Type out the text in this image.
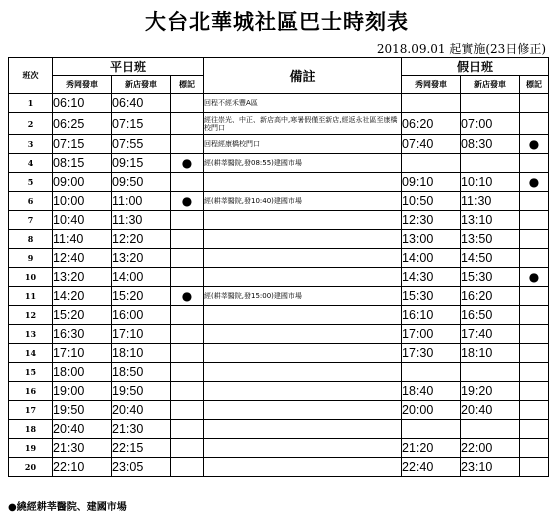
大台北華城社區巴士時刻表
2018.09.01 起實施(23日修正)
班次	平日班			備註	假日班		
	秀岡發車	新店發車	標記		秀岡發車	新店發車	標記
1	06:10	06:40		回程不經禾豐A區			

2	06:25	07:15		經往崇光、中正、新店高中,寒暑假僅至新店,經返永社區至康橋校門口	06:20	07:00	
3	07:15	07:55		回程經康橋校門口	07:40	08:30	●
4	08:15	09:15	●	經(耕莘醫院,發08:55)建國市場			

5	09:00	09:50			09:10	10:10	●
6	10:00	11:00	●	經(耕莘醫院,發10:40)建國市場	10:50	11:30	
7	10:40	11:30			12:30	13:10	
8	11:40	12:20			13:00	13:50	
9	12:40	13:20			14:00	14:50	
10	13:20	14:00			14:30	15:30	●
11	14:20	15:20	●	經(耕莘醫院,發15:00)建國市場	15:30	16:20	
12	15:20	16:00			16:10	16:50	
13	16:30	17:10			17:00	17:40	
14	17:10	18:10			17:30	18:10	
15	18:00	18:50		

16	19:00	19:50			18:40	19:20	
17	19:50	20:40			20:00	20:40	
18	20:40	21:30		

19	21:30	22:15			21:20	22:00	
20	22:10	23:05			22:40	23:10	
●繞經耕莘醫院、建國市場
